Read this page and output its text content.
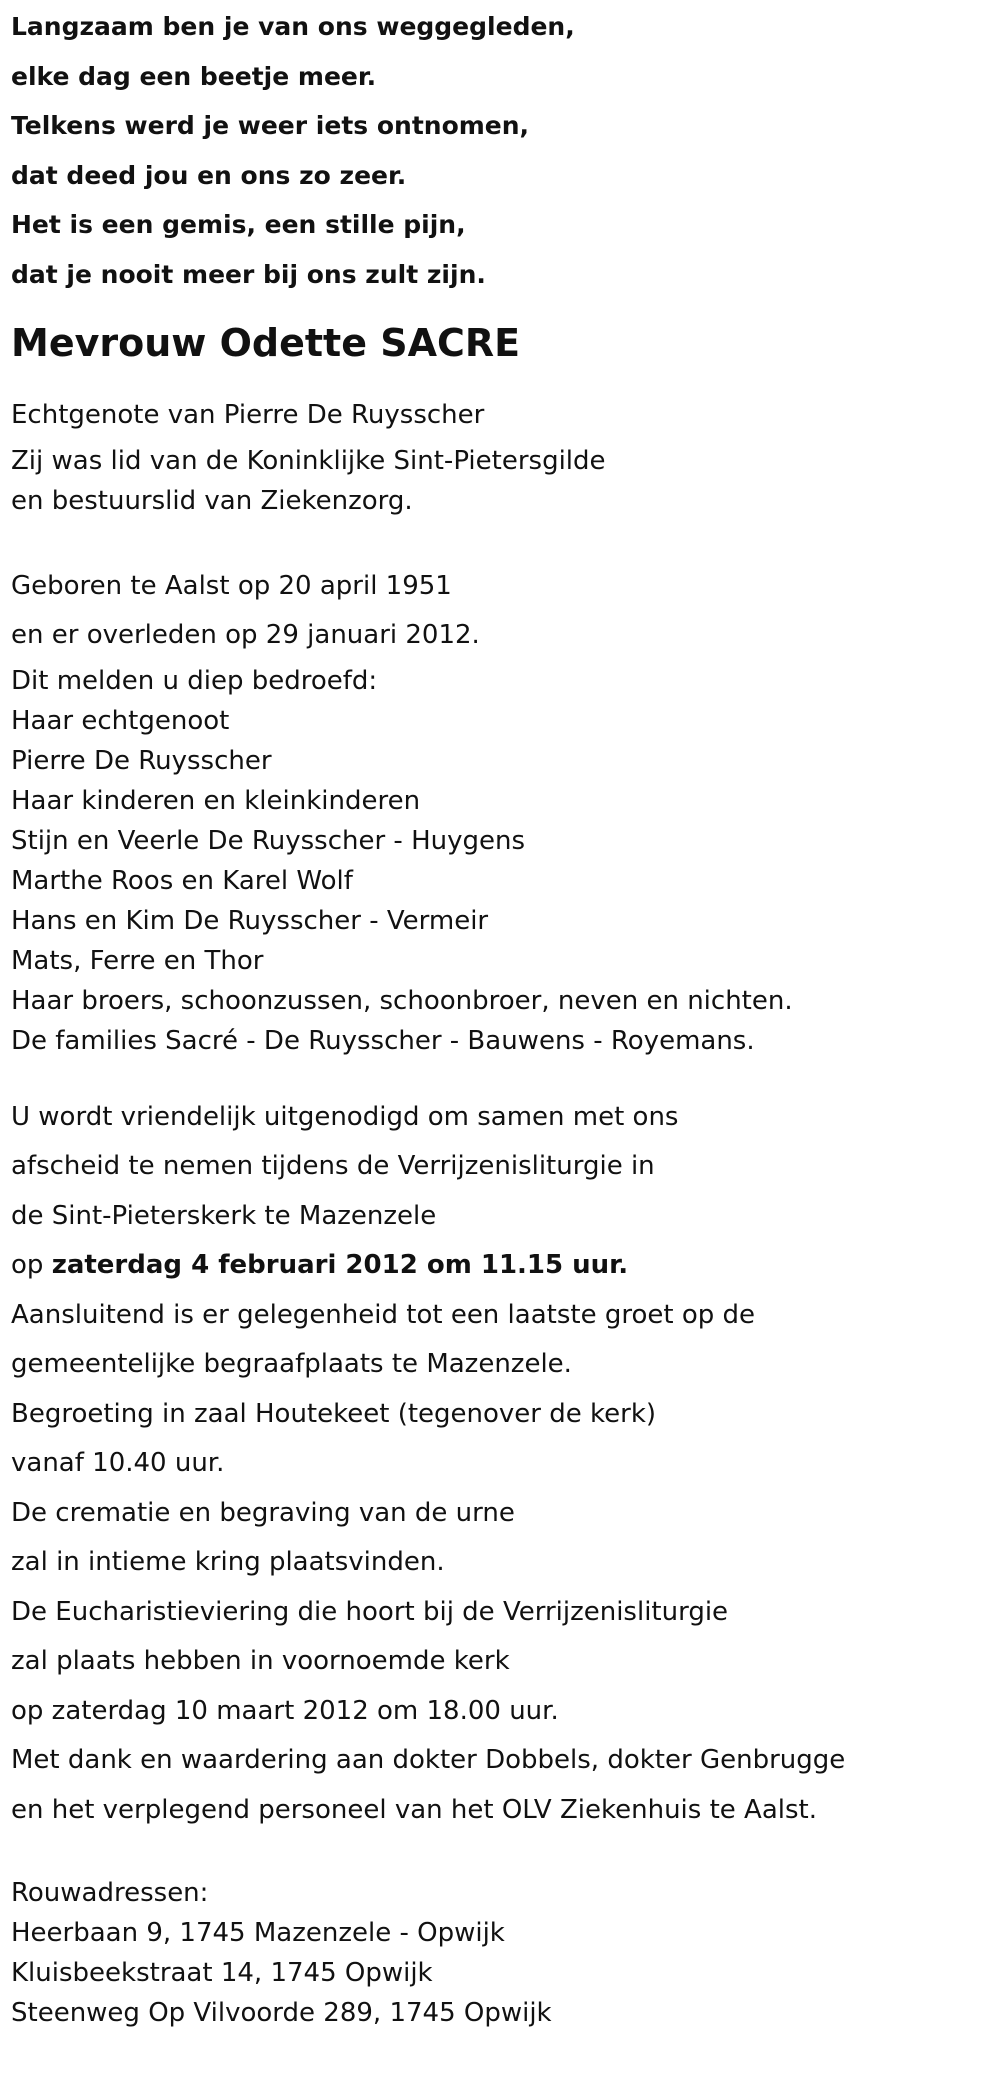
Langzaam ben je van ons weggegleden,

elke dag een beetje meer.

Telkens werd je weer iets ontnomen,

dat deed jou en ons zo zeer.

Het is een gemis, een stille pijn,

dat je nooit meer bij ons zult zijn.

Mevrouw Odette SACRE

Echtgenote van Pierre De Ruysscher

Zij was lid van de Koninklijke Sint-Pietersgilde

en bestuurslid van Ziekenzorg.

Geboren te Aalst op 20 april 1951

en er overleden op 29 januari 2012.

Dit melden u diep bedroefd:

Haar echtgenoot

Pierre De Ruysscher

Haar kinderen en kleinkinderen

Stijn en Veerle De Ruysscher - Huygens

Marthe Roos en Karel Wolf

Hans en Kim De Ruysscher - Vermeir

Mats, Ferre en Thor

Haar broers, schoonzussen, schoonbroer, neven en nichten.

De families Sacré - De Ruysscher - Bauwens - Royemans.

U wordt vriendelijk uitgenodigd om samen met ons

afscheid te nemen tijdens de Verrijzenisliturgie in

de Sint-Pieterskerk te Mazenzele

op zaterdag 4 februari 2012 om 11.15 uur.

Aansluitend is er gelegenheid tot een laatste groet op de

gemeentelijke begraafplaats te Mazenzele.

Begroeting in zaal Houtekeet (tegenover de kerk)

vanaf 10.40 uur.

De crematie en begraving van de urne

zal in intieme kring plaatsvinden.

De Eucharistieviering die hoort bij de Verrijzenisliturgie

zal plaats hebben in voornoemde kerk

op zaterdag 10 maart 2012 om 18.00 uur.

Met dank en waardering aan dokter Dobbels, dokter Genbrugge

en het verplegend personeel van het OLV Ziekenhuis te Aalst.

Rouwadressen:

Heerbaan 9, 1745 Mazenzele - Opwijk

Kluisbeekstraat 14, 1745 Opwijk

Steenweg Op Vilvoorde 289, 1745 Opwijk
